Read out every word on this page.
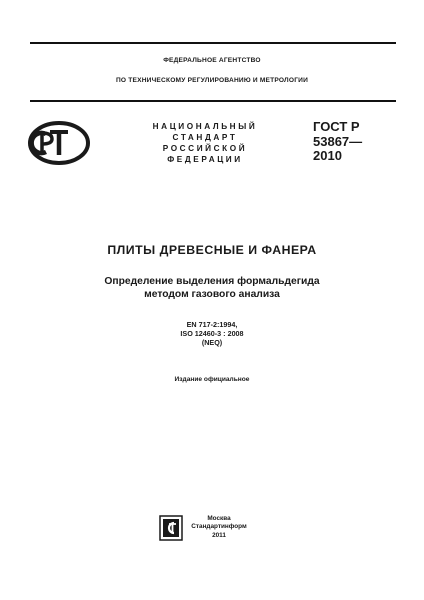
ФЕДЕРАЛЬНОЕ АГЕНТСТВО
ПО ТЕХНИЧЕСКОМУ РЕГУЛИРОВАНИЮ И МЕТРОЛОГИИ
НАЦИОНАЛЬНЫЙ
СТАНДАРТ
РОССИЙСКОЙ
ФЕДЕРАЦИИ
ГОСТ Р
53867—
2010
ПЛИТЫ ДРЕВЕСНЫЕ И ФАНЕРА
Определение выделения формальдегида
методом газового анализа
EN 717-2:1994,
ISO 12460-3 : 2008
(NEQ)
Издание официальное
Москва
Стандартинформ
2011
